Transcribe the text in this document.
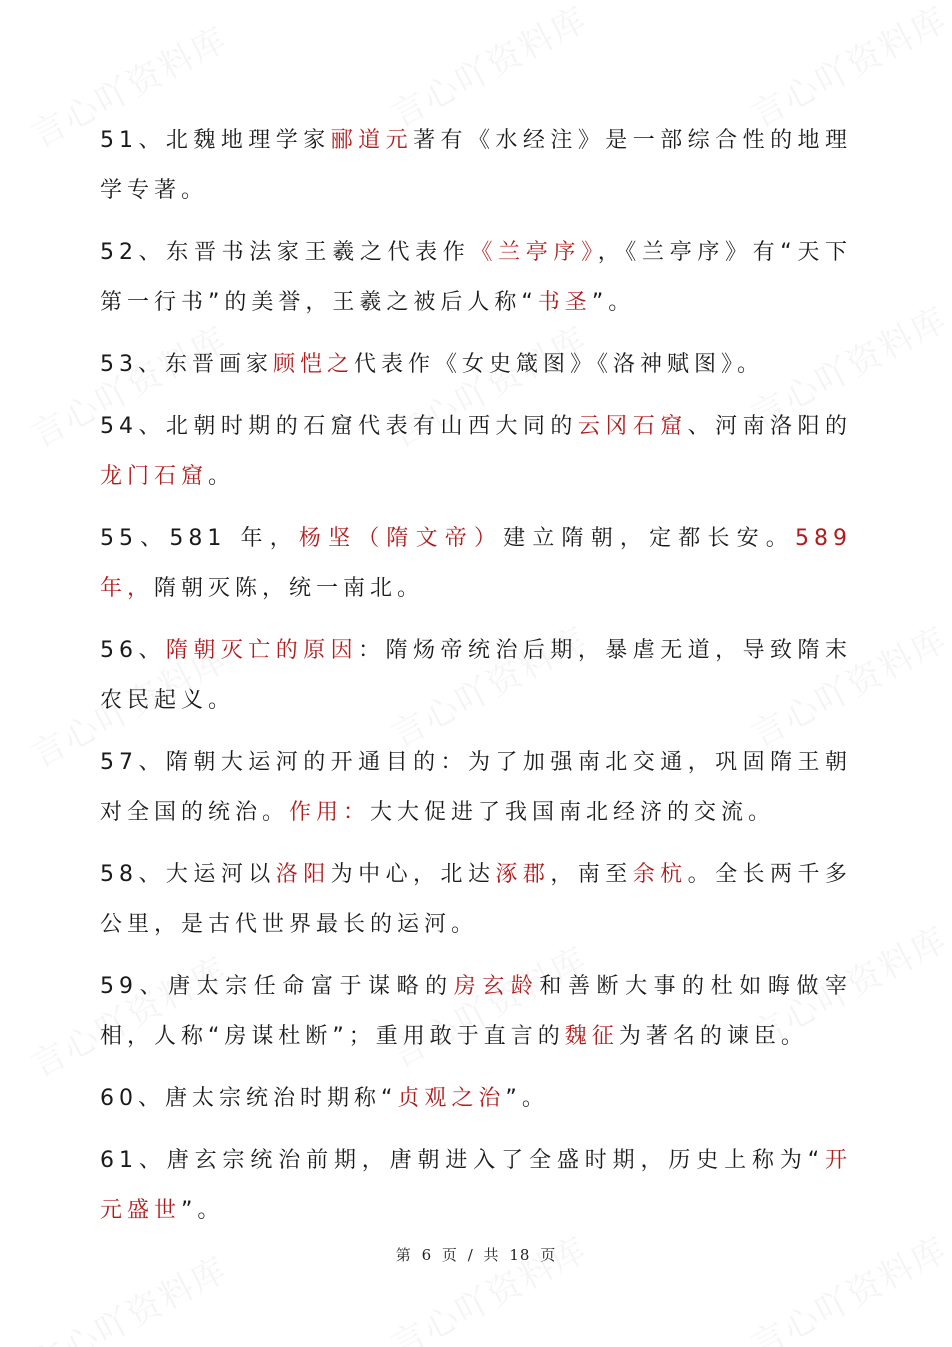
51、北魏地理学家郦道元著有《水经注》是一部综合性的地理学专著。

52、东晋书法家王羲之代表作《兰亭序》，《兰亭序》有“天下第一行书”的美誉，王羲之被后人称“书圣”。

53、东晋画家顾恺之代表作《女史箴图》《洛神赋图》。

54、北朝时期的石窟代表有山西大同的云冈石窟、河南洛阳的龙门石窟。

55、581 年，杨坚（隋文帝）建立隋朝，定都长安。589 年，隋朝灭陈，统一南北。

56、隋朝灭亡的原因：隋炀帝统治后期，暴虐无道，导致隋末农民起义。

57、隋朝大运河的开通目的：为了加强南北交通，巩固隋王朝对全国的统治。作用：大大促进了我国南北经济的交流。

58、大运河以洛阳为中心，北达涿郡，南至余杭。全长两千多公里，是古代世界最长的运河。

59、唐太宗任命富于谋略的房玄龄和善断大事的杜如晦做宰相，人称“房谋杜断”；重用敢于直言的魏征为著名的谏臣。

60、唐太宗统治时期称“贞观之治”。

61、唐玄宗统治前期，唐朝进入了全盛时期，历史上称为“开元盛世”。

第 6 页 / 共 18 页
